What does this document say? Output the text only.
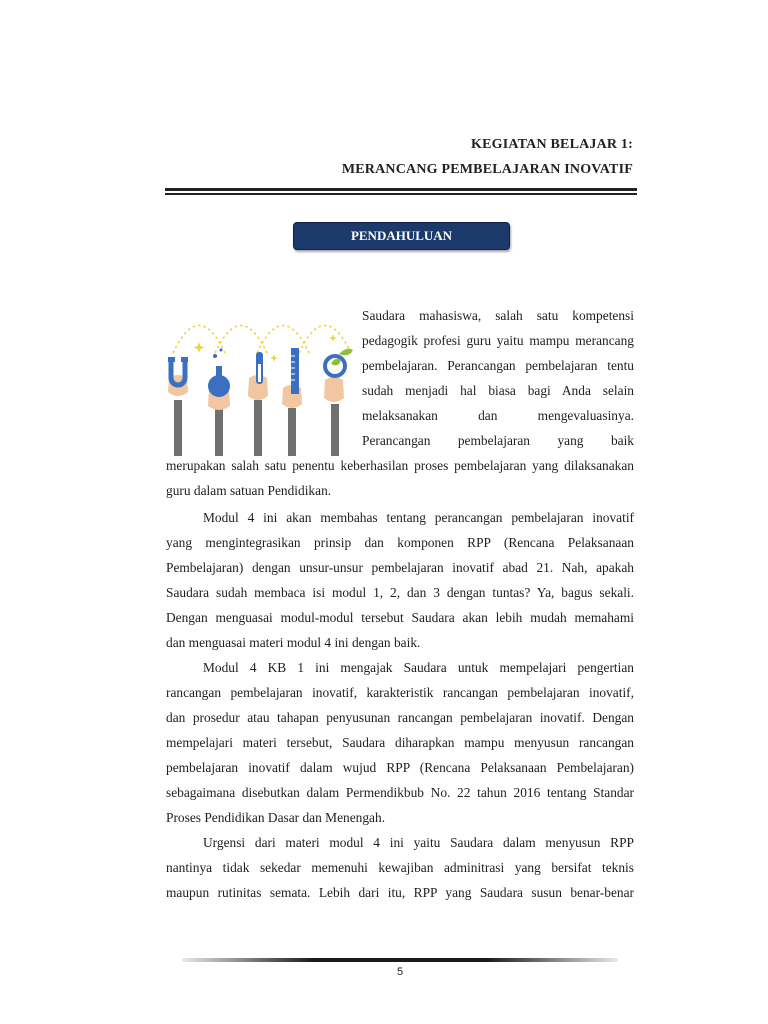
KEGIATAN BELAJAR 1:
MERANCANG PEMBELAJARAN INOVATIF
PENDAHULUAN

Saudara mahasiswa, salah satu kompetensi

pedagogik profesi guru yaitu mampu merancang

pembelajaran. Perancangan pembelajaran tentu

sudah menjadi hal biasa bagi Anda selain

melaksanakan dan mengevaluasinya.

Perancangan pembelajaran yang baik

merupakan salah satu penentu keberhasilan proses pembelajaran yang dilaksanakan

guru dalam satuan Pendidikan.

Modul 4 ini akan membahas tentang perancangan pembelajaran inovatif

yang mengintegrasikan prinsip dan komponen RPP (Rencana Pelaksanaan

Pembelajaran) dengan unsur-unsur pembelajaran inovatif abad 21. Nah, apakah

Saudara sudah membaca isi modul 1, 2, dan 3 dengan tuntas? Ya, bagus sekali.

Dengan menguasai modul-modul tersebut Saudara akan lebih mudah memahami

dan menguasai materi modul 4 ini dengan baik.

Modul 4 KB 1 ini mengajak Saudara untuk mempelajari pengertian

rancangan pembelajaran inovatif, karakteristik rancangan pembelajaran inovatif,

dan prosedur atau tahapan penyusunan rancangan pembelajaran inovatif. Dengan

mempelajari materi tersebut, Saudara diharapkan mampu menyusun rancangan

pembelajaran inovatif dalam wujud RPP (Rencana Pelaksanaan Pembelajaran)

sebagaimana disebutkan dalam Permendikbub No. 22 tahun 2016 tentang Standar

Proses Pendidikan Dasar dan Menengah.

Urgensi dari materi modul 4 ini yaitu Saudara dalam menyusun RPP

nantinya tidak sekedar memenuhi kewajiban adminitrasi yang bersifat teknis

maupun rutinitas semata. Lebih dari itu, RPP yang Saudara susun benar-benar

5
